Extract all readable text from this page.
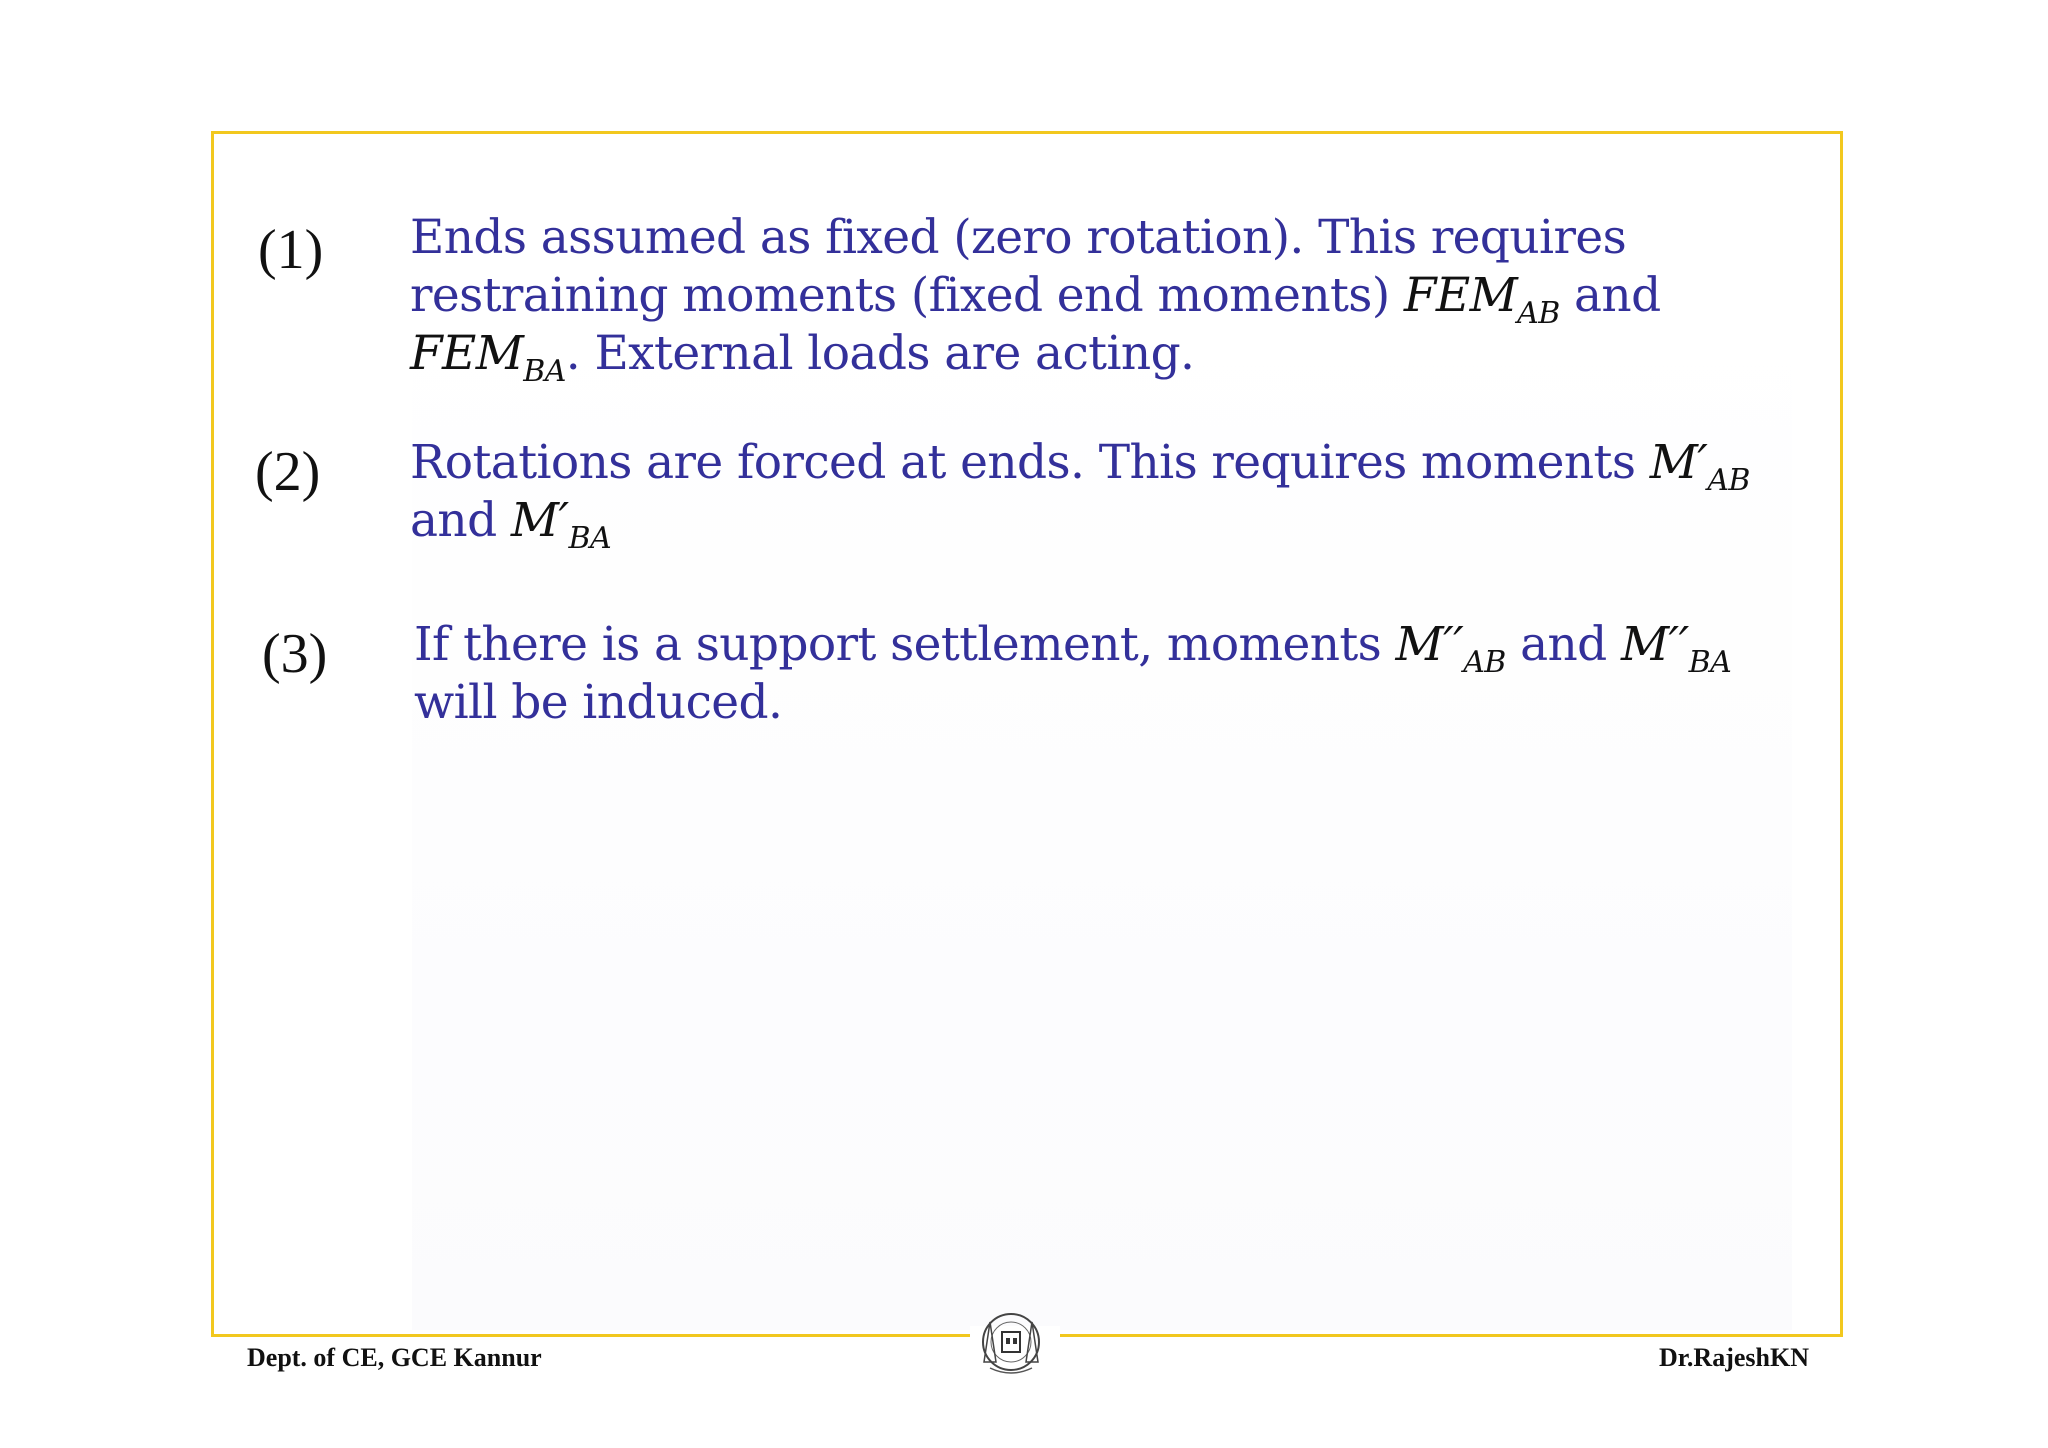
(1) Ends assumed as fixed (zero rotation). This requires restraining moments (fixed end moments) $FEM_{AB}$ and $FEM_{BA}$. External loads are acting.
(2) Rotations are forced at ends. This requires moments $M'_{AB}$ and $M'_{BA}$
(3) If there is a support settlement, moments $M''_{AB}$ and $M''_{BA}$ will be induced.
Dept. of CE, GCE Kannur	Dr.RajeshKN
